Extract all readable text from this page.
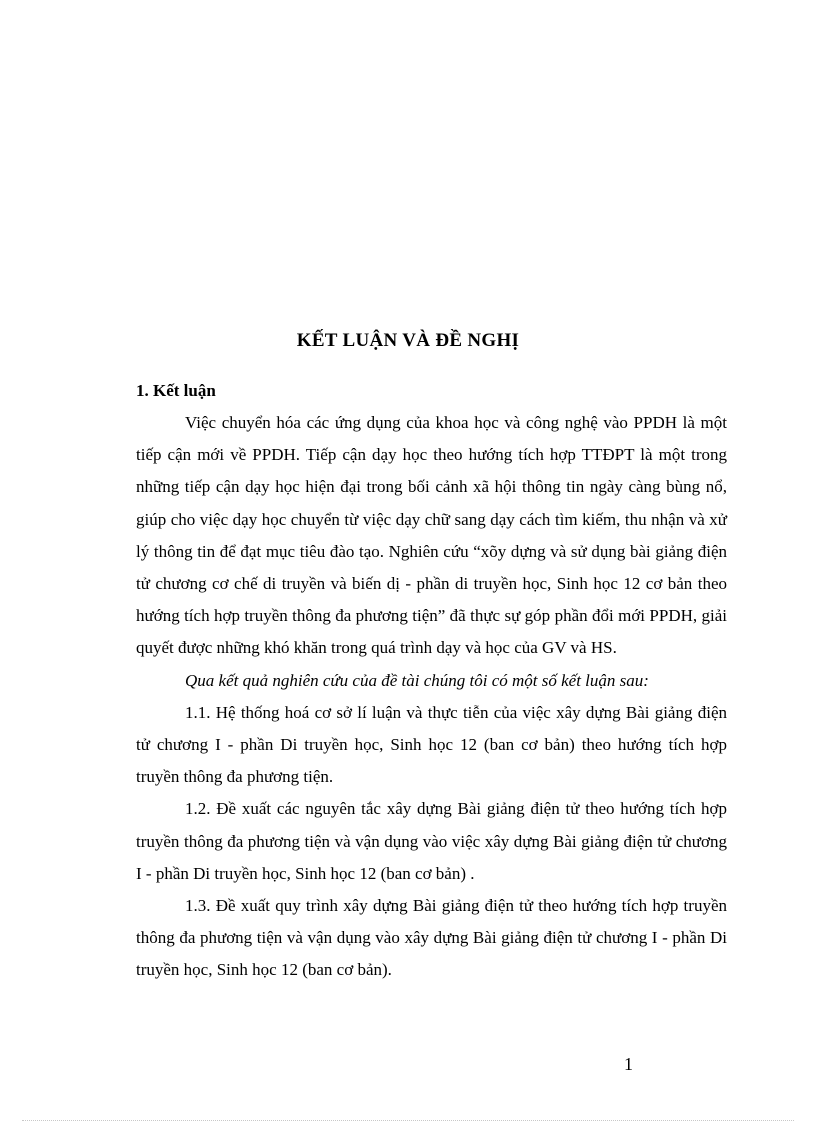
KẾT LUẬN VÀ ĐỀ NGHỊ
1. Kết luận

Việc chuyển hóa các ứng dụng của khoa học và công nghệ vào PPDH là một tiếp cận mới về PPDH. Tiếp cận dạy học theo hướng tích hợp TTĐPT là một trong những tiếp cận dạy học hiện đại trong bối cảnh xã hội thông tin ngày càng bùng nổ, giúp cho việc dạy học chuyển từ việc dạy chữ sang dạy cách tìm kiếm, thu nhận và xử lý thông tin để đạt mục tiêu đào tạo. Nghiên cứu “xõy dựng và sử dụng bài giảng điện tử chương cơ chế di truyền và biến dị - phần di truyền học, Sinh học 12 cơ bản theo hướng tích hợp truyền thông đa phương tiện” đã thực sự góp phần đổi mới PPDH, giải quyết được những khó khăn trong quá trình dạy và học của GV và HS.

Qua kết quả nghiên cứu của đề tài chúng tôi có một số kết luận sau:

1.1. Hệ thống hoá cơ sở lí luận và thực tiễn của việc xây dựng Bài giảng điện tử chương I - phần Di truyền học, Sinh học 12 (ban cơ bản) theo hướng tích hợp truyền thông đa phương tiện.

1.2. Đề xuất các nguyên tắc xây dựng Bài giảng điện tử theo hướng tích hợp truyền thông đa phương tiện và vận dụng vào việc xây dựng Bài giảng điện tử chương I - phần Di truyền học, Sinh học 12 (ban cơ bản) .

1.3. Đề xuất quy trình xây dựng Bài giảng điện tử theo hướng tích hợp truyền thông đa phương tiện và vận dụng vào xây dựng Bài giảng điện tử chương I - phần Di truyền học, Sinh học 12 (ban cơ bản).

1
